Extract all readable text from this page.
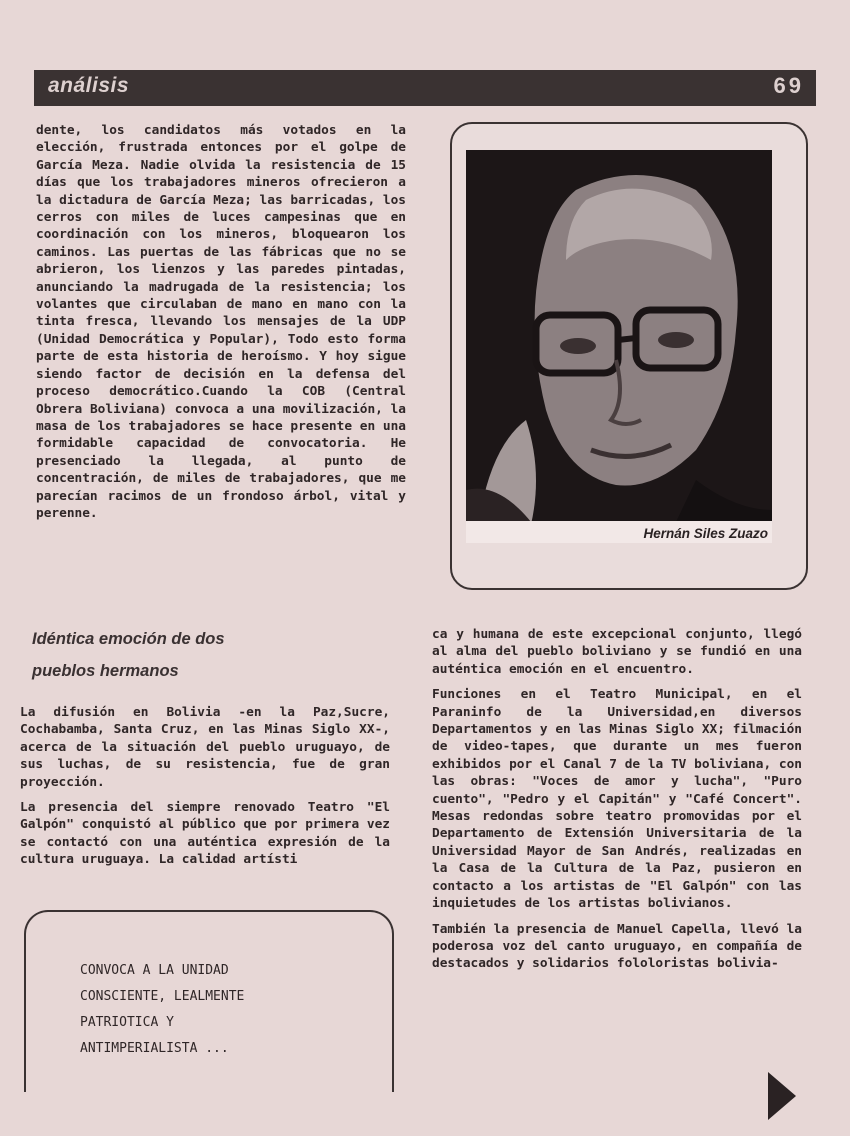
análisis	69

dente, los candidatos más votados en la elección, frustrada entonces por el golpe de García Meza. Nadie olvida la resistencia de 15 días que los trabajadores mineros ofrecieron a la dictadura de García Meza; las barricadas, los cerros con miles de luces campesinas que en coordinación con los mineros, bloquearon los caminos. Las puertas de las fábricas que no se abrieron, los lienzos y las paredes pintadas, anunciando la madrugada de la resistencia; los volantes que circulaban de mano en mano con la tinta fresca, llevando los mensajes de la UDP (Unidad Democrática y Popular), Todo esto forma parte de esta historia de heroísmo. Y hoy sigue siendo factor de decisión en la defensa del proceso democrático.Cuando la COB (Central Obrera Boliviana) convoca a una movilización, la masa de los trabajadores se hace presente en una formidable capacidad de convocatoria. He presenciado la llegada, al punto de concentración, de miles de trabajadores, que me parecían racimos de un frondoso árbol, vital y perenne.

Hernán Siles Zuazo
Idéntica emoción de dos
pueblos hermanos

La difusión en Bolivia -en la Paz,Sucre, Cochabamba, Santa Cruz, en las Minas Siglo XX-, acerca de la situación del pueblo uruguayo, de sus luchas, de su resistencia, fue de gran proyección.

La presencia del siempre renovado Teatro "El Galpón" conquistó al público que por primera vez se contactó con una auténtica expresión de la cultura uruguaya. La calidad artísti

ca y humana de este excepcional conjunto, llegó al alma del pueblo boliviano y se fundió en una auténtica emoción en el encuentro.

Funciones en el Teatro Municipal, en el Paraninfo de la Universidad,en diversos Departamentos y en las Minas Siglo XX; filmación de video-tapes, que durante un mes fueron exhibidos por el Canal 7 de la TV boliviana, con las obras: "Voces de amor y lucha", "Puro cuento", "Pedro y el Capitán" y "Café Concert". Mesas redondas sobre teatro promovidas por el Departamento de Extensión Universitaria de la Universidad Mayor de San Andrés, realizadas en la Casa de la Cultura de la Paz, pusieron en contacto a los artistas de "El Galpón" con las inquietudes de los artistas bolivianos.

También la presencia de Manuel Capella, llevó la poderosa voz del canto uruguayo, en compañía de destacados y solidarios fololoristas bolivia-

CONVOCA A LA UNIDAD
CONSCIENTE, LEALMENTE
PATRIOTICA Y
ANTIMPERIALISTA ...
